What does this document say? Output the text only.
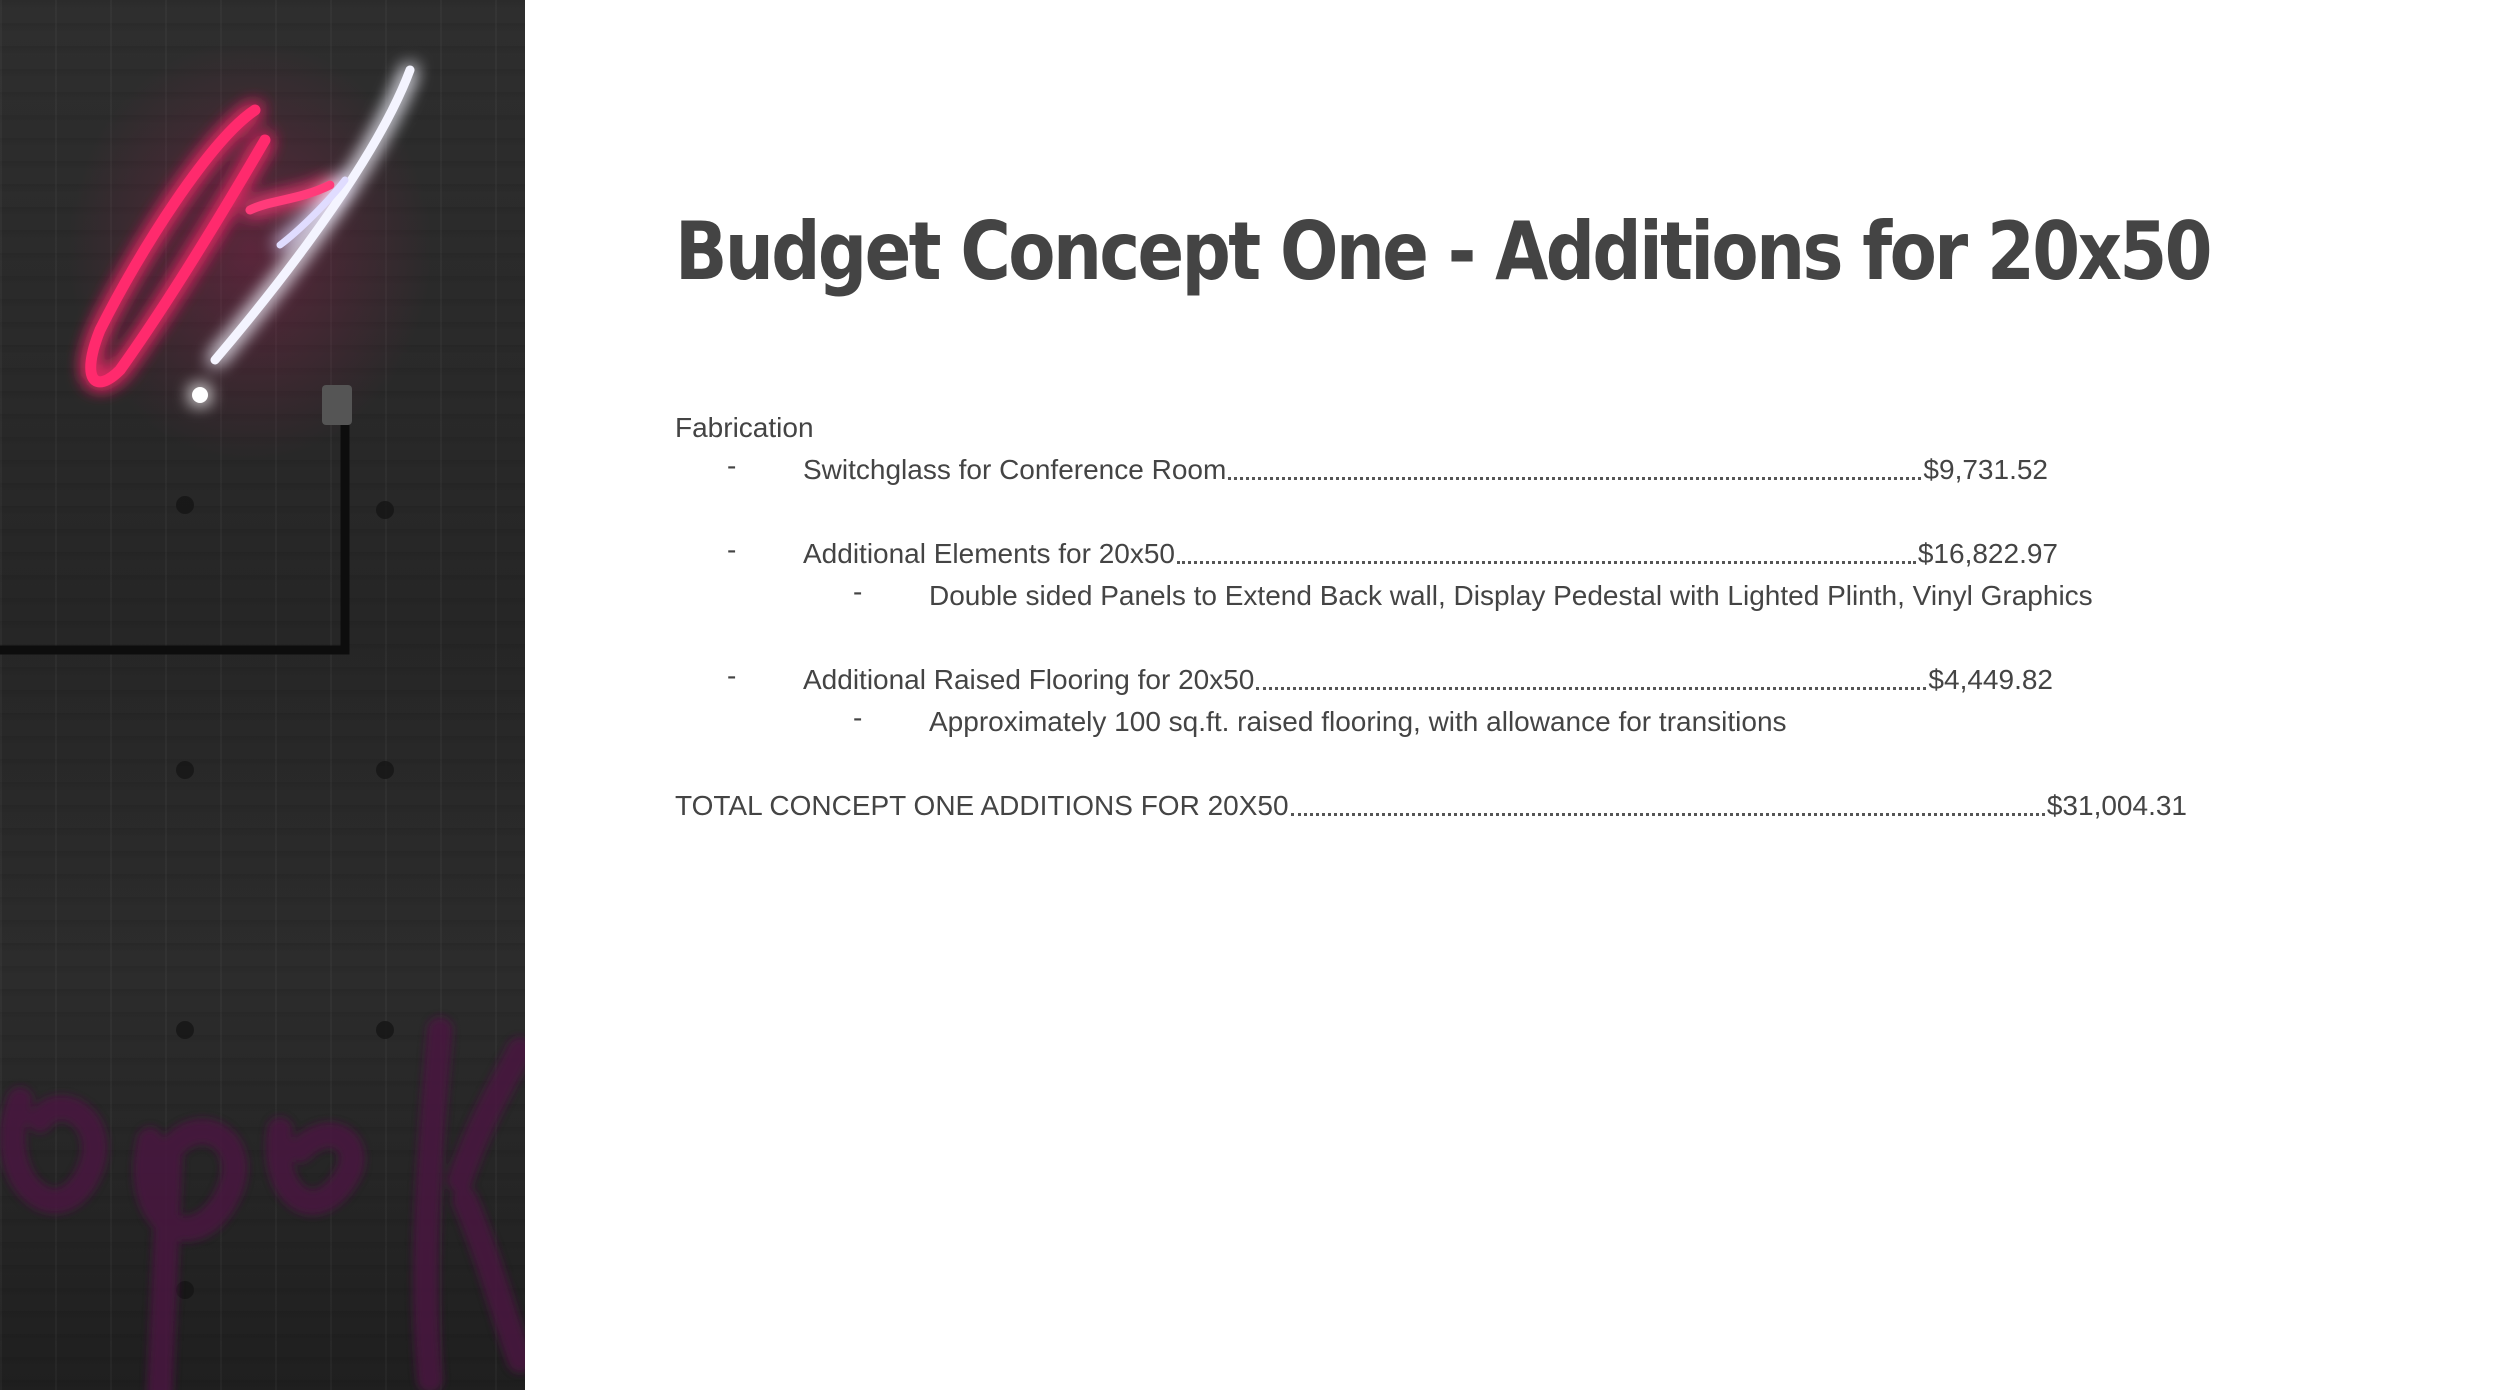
Budget Concept One - Additions for 20x50
Fabrication
-	Switchglass for Conference Room	$9,731.52
-	Additional Elements for 20x50	$16,822.97
-	Double sided Panels to Extend Back wall, Display Pedestal with Lighted Plinth, Vinyl Graphics
-	Additional Raised Flooring for 20x50	$4,449.82
-	Approximately 100 sq.ft. raised flooring, with allowance for transitions
TOTAL CONCEPT ONE ADDITIONS FOR 20X50	$31,004.31
